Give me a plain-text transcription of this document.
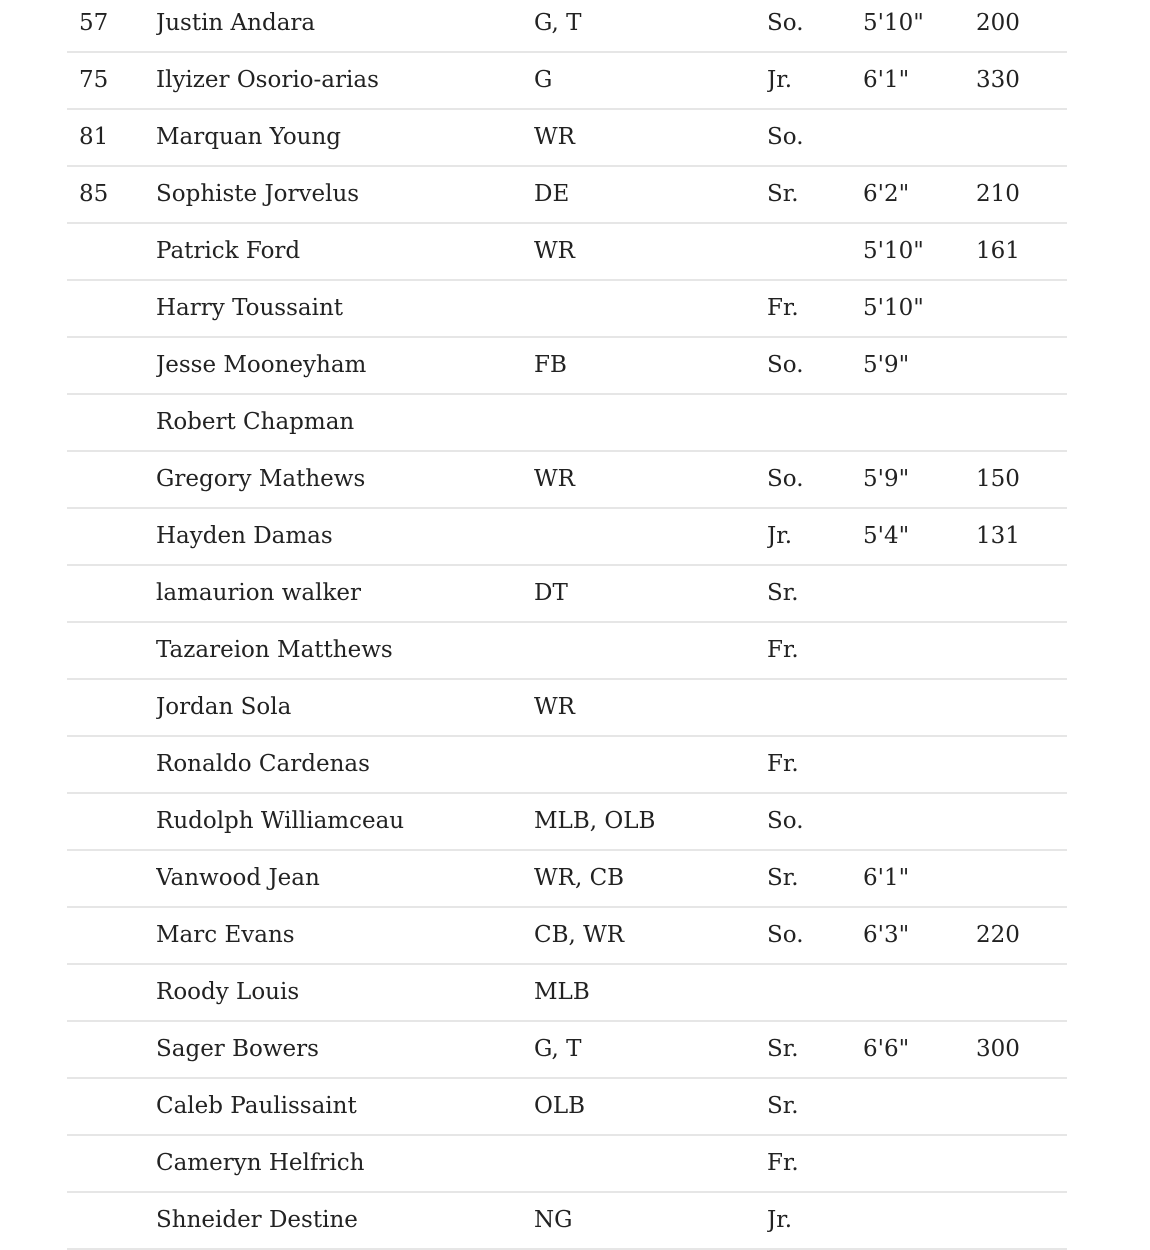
57	Justin Andara	G, T	So.	5'10"	200
75	Ilyizer Osorio-arias	G	Jr.	6'1"	330
81	Marquan Young	WR	So.		
85	Sophiste Jorvelus	DE	Sr.	6'2"	210
	Patrick Ford	WR		5'10"	161
	Harry Toussaint		Fr.	5'10"	
	Jesse Mooneyham	FB	So.	5'9"	
	Robert Chapman				
	Gregory Mathews	WR	So.	5'9"	150
	Hayden Damas		Jr.	5'4"	131
	lamaurion walker	DT	Sr.		
	Tazareion Matthews		Fr.		
	Jordan Sola	WR			
	Ronaldo Cardenas		Fr.		
	Rudolph Williamceau	MLB, OLB	So.		
	Vanwood Jean	WR, CB	Sr.	6'1"	
	Marc Evans	CB, WR	So.	6'3"	220
	Roody Louis	MLB			
	Sager Bowers	G, T	Sr.	6'6"	300
	Caleb Paulissaint	OLB	Sr.		
	Cameryn Helfrich		Fr.		
	Shneider Destine	NG	Jr.		
